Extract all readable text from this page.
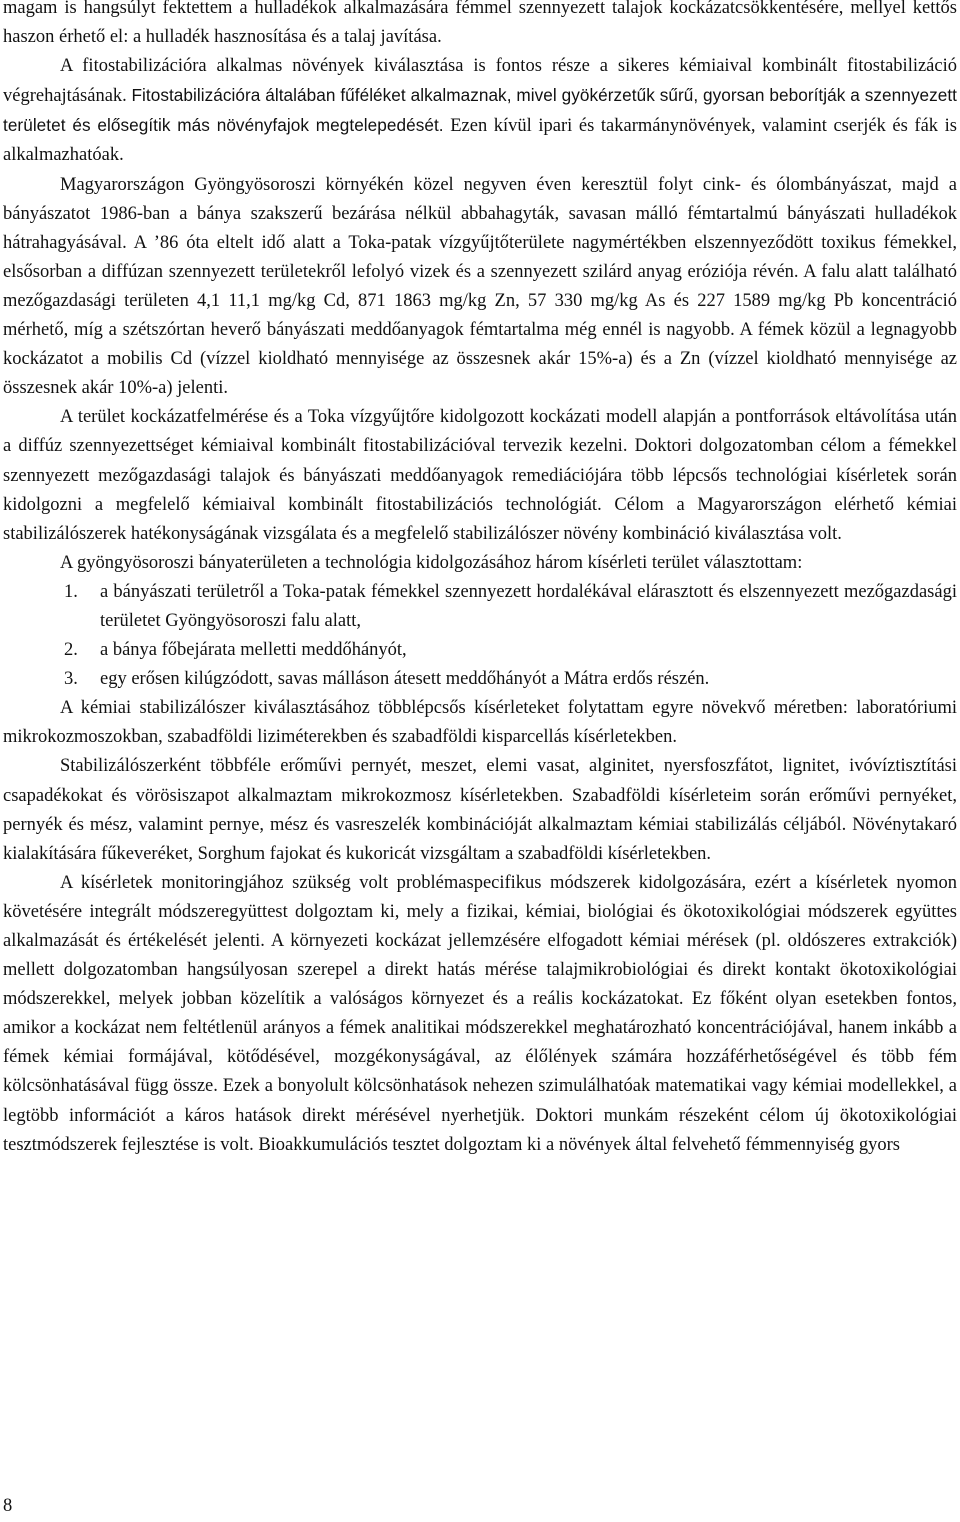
magam is hangsúlyt fektettem a hulladékok alkalmazására fémmel szennyezett talajok kockázatcsökkentésére, mellyel kettős haszon érhető el: a hulladék hasznosítása és a talaj javítása.

A fitostabilizációra alkalmas növények kiválasztása is fontos része a sikeres kémiaival kombinált fitostabilizáció végrehajtásának. Fitostabilizációra általában fűféléket alkalmaznak, mivel gyökérzetűk sűrű, gyorsan beborítják a szennyezett területet és elősegítik más növényfajok megtelepedését. Ezen kívül ipari és takarmánynövények, valamint cserjék és fák is alkalmazhatóak.

Magyarországon Gyöngyösoroszi környékén közel negyven éven keresztül folyt cink- és ólombányászat, majd a bányászatot 1986-ban a bánya szakszerű bezárása nélkül abbahagyták, savasan málló fémtartalmú bányászati hulladékok hátrahagyásával. A ’86 óta eltelt idő alatt a Toka-patak vízgyűjtőterülete nagymértékben elszennyeződött toxikus fémekkel, elsősorban a diffúzan szennyezett területekről lefolyó vizek és a szennyezett szilárd anyag eróziója révén. A falu alatt található mezőgazdasági területen 4,1 11,1 mg/kg Cd, 871 1863 mg/kg Zn, 57 330 mg/kg As és 227 1589 mg/kg Pb koncentráció mérhető, míg a szétszórtan heverő bányászati meddőanyagok fémtartalma még ennél is nagyobb. A fémek közül a legnagyobb kockázatot a mobilis Cd (vízzel kioldható mennyisége az összesnek akár 15%-a) és a Zn (vízzel kioldható mennyisége az összesnek akár 10%-a) jelenti.

A terület kockázatfelmérése és a Toka vízgyűjtőre kidolgozott kockázati modell alapján a pontforrások eltávolítása után a diffúz szennyezettséget kémiaival kombinált fitostabilizációval tervezik kezelni. Doktori dolgozatomban célom a fémekkel szennyezett mezőgazdasági talajok és bányászati meddőanyagok remediációjára több lépcsős technológiai kísérletek során kidolgozni a megfelelő kémiaival kombinált fitostabilizációs technológiát. Célom a Magyarországon elérhető kémiai stabilizálószerek hatékonyságának vizsgálata és a megfelelő stabilizálószer növény kombináció kiválasztása volt.

A gyöngyösoroszi bányaterületen a technológia kidolgozásához három kísérleti terület választottam:

1. a bányászati területről a Toka-patak fémekkel szennyezett hordalékával elárasztott és elszennyezett mezőgazdasági területet Gyöngyösoroszi falu alatt,
2. a bánya főbejárata melletti meddőhányót,
3. egy erősen kilúgzódott, savas málláson átesett meddőhányót a Mátra erdős részén.

A kémiai stabilizálószer kiválasztásához többlépcsős kísérleteket folytattam egyre növekvő méretben: laboratóriumi mikrokozmoszokban, szabadföldi liziméterekben és szabadföldi kisparcellás kísérletekben.

Stabilizálószerként többféle erőművi pernyét, meszet, elemi vasat, alginitet, nyersfoszfátot, lignitet, ivóvíztisztítási csapadékokat és vörösiszapot alkalmaztam mikrokozmosz kísérletekben. Szabadföldi kísérleteim során erőművi pernyéket, pernyék és mész, valamint pernye, mész és vasreszelék kombinációját alkalmaztam kémiai stabilizálás céljából. Növénytakaró kialakítására fűkeveréket, Sorghum fajokat és kukoricát vizsgáltam a szabadföldi kísérletekben.

A kísérletek monitoringjához szükség volt problémaspecifikus módszerek kidolgozására, ezért a kísérletek nyomon követésére integrált módszeregyüttest dolgoztam ki, mely a fizikai, kémiai, biológiai és ökotoxikológiai módszerek együttes alkalmazását és értékelését jelenti. A környezeti kockázat jellemzésére elfogadott kémiai mérések (pl. oldószeres extrakciók) mellett dolgozatomban hangsúlyosan szerepel a direkt hatás mérése talajmikrobiológiai és direkt kontakt ökotoxikológiai módszerekkel, melyek jobban közelítik a valóságos környezet és a reális kockázatokat. Ez főként olyan esetekben fontos, amikor a kockázat nem feltétlenül arányos a fémek analitikai módszerekkel meghatározható koncentrációjával, hanem inkább a fémek kémiai formájával, kötődésével, mozgékonyságával, az élőlények számára hozzáférhetőségével és több fém kölcsönhatásával függ össze. Ezek a bonyolult kölcsönhatások nehezen szimulálhatóak matematikai vagy kémiai modellekkel, a legtöbb információt a káros hatások direkt mérésével nyerhetjük. Doktori munkám részeként célom új ökotoxikológiai tesztmódszerek fejlesztése is volt. Bioakkumulációs tesztet dolgoztam ki a növények által felvehető fémmennyiség gyors

8
